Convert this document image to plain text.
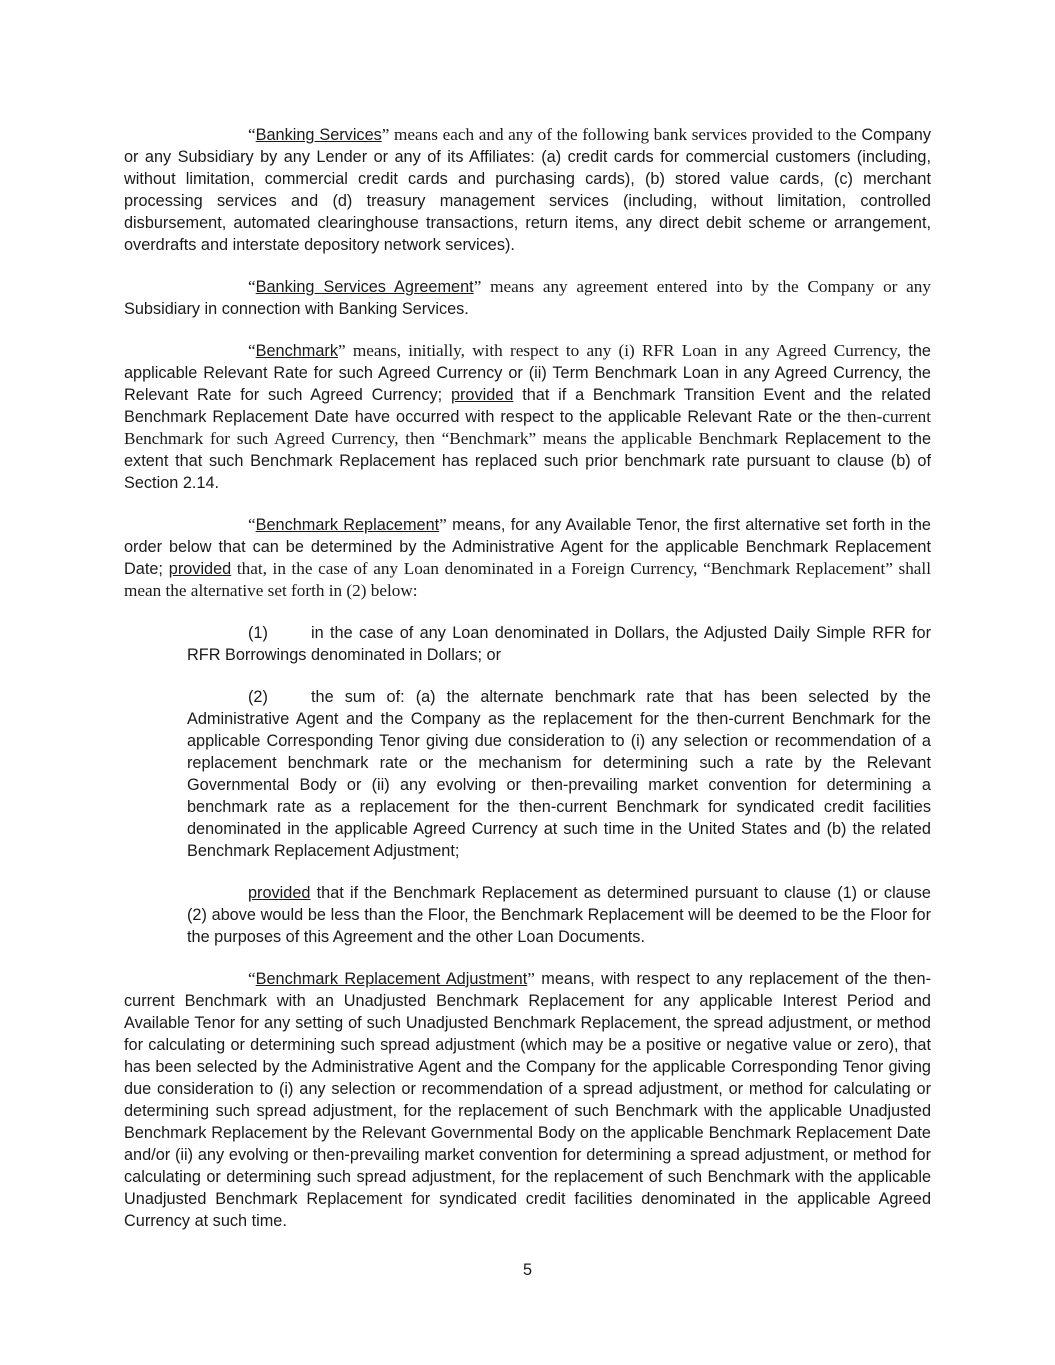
“Banking Services” means each and any of the following bank services provided to the Company or any Subsidiary by any Lender or any of its Affiliates: (a) credit cards for commercial customers (including, without limitation, commercial credit cards and purchasing cards), (b) stored value cards, (c) merchant processing services and (d) treasury management services (including, without limitation, controlled disbursement, automated clearinghouse transactions, return items, any direct debit scheme or arrangement, overdrafts and interstate depository network services).

“Banking Services Agreement” means any agreement entered into by the Company or any Subsidiary in connection with Banking Services.

“Benchmark” means, initially, with respect to any (i) RFR Loan in any Agreed Currency, the applicable Relevant Rate for such Agreed Currency or (ii) Term Benchmark Loan in any Agreed Currency, the Relevant Rate for such Agreed Currency; provided that if a Benchmark Transition Event and the related Benchmark Replacement Date have occurred with respect to the applicable Relevant Rate or the then-current Benchmark for such Agreed Currency, then “Benchmark” means the applicable Benchmark Replacement to the extent that such Benchmark Replacement has replaced such prior benchmark rate pursuant to clause (b) of Section 2.14.

“Benchmark Replacement” means, for any Available Tenor, the first alternative set forth in the order below that can be determined by the Administrative Agent for the applicable Benchmark Replacement Date; provided that, in the case of any Loan denominated in a Foreign Currency, “Benchmark Replacement” shall mean the alternative set forth in (2) below:

(1)	in the case of any Loan denominated in Dollars, the Adjusted Daily Simple RFR for RFR Borrowings denominated in Dollars; or

(2)	the sum of: (a) the alternate benchmark rate that has been selected by the Administrative Agent and the Company as the replacement for the then-current Benchmark for the applicable Corresponding Tenor giving due consideration to (i) any selection or recommendation of a replacement benchmark rate or the mechanism for determining such a rate by the Relevant Governmental Body or (ii) any evolving or then-prevailing market convention for determining a benchmark rate as a replacement for the then-current Benchmark for syndicated credit facilities denominated in the applicable Agreed Currency at such time in the United States and (b) the related Benchmark Replacement Adjustment;

provided that if the Benchmark Replacement as determined pursuant to clause (1) or clause (2) above would be less than the Floor, the Benchmark Replacement will be deemed to be the Floor for the purposes of this Agreement and the other Loan Documents.

“Benchmark Replacement Adjustment” means, with respect to any replacement of the then-current Benchmark with an Unadjusted Benchmark Replacement for any applicable Interest Period and Available Tenor for any setting of such Unadjusted Benchmark Replacement, the spread adjustment, or method for calculating or determining such spread adjustment (which may be a positive or negative value or zero), that has been selected by the Administrative Agent and the Company for the applicable Corresponding Tenor giving due consideration to (i) any selection or recommendation of a spread adjustment, or method for calculating or determining such spread adjustment, for the replacement of such Benchmark with the applicable Unadjusted Benchmark Replacement by the Relevant Governmental Body on the applicable Benchmark Replacement Date and/or (ii) any evolving or then-prevailing market convention for determining a spread adjustment, or method for calculating or determining such spread adjustment, for the replacement of such Benchmark with the applicable Unadjusted Benchmark Replacement for syndicated credit facilities denominated in the applicable Agreed Currency at such time.

5
